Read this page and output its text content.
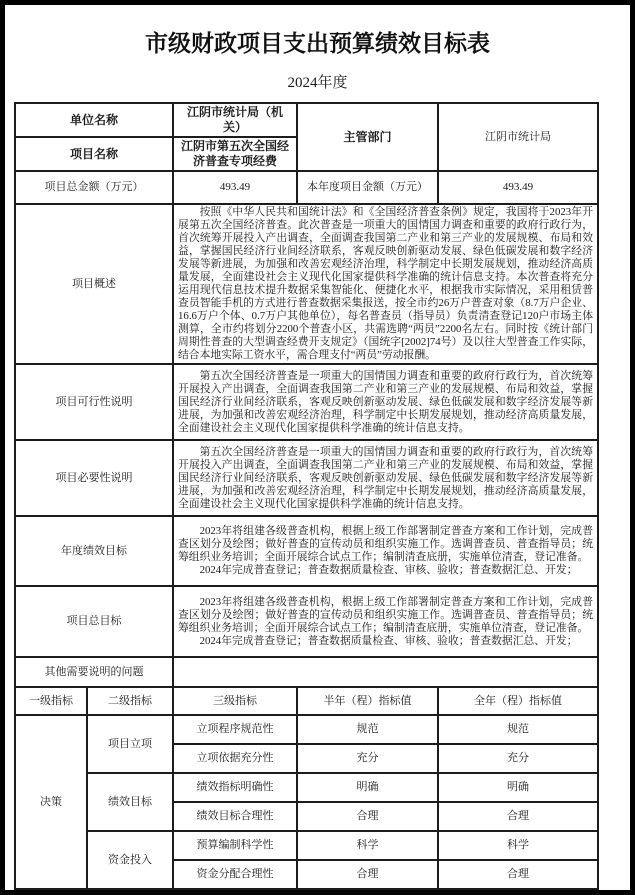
市级财政项目支出预算绩效目标表
2024年度
单位名称		江阴市统计局（机关）	主管部门	江阴市统计局
项目名称		江阴市第五次全国经济普查专项经费		
项目总金额（万元）		493.49	本年度项目金额（万元）	493.49
项目概述		按照《中华人民共和国统计法》和《全国经济普查条例》规定，我国将于2023年开展第五次全国经济普查。此次普查是一项重大的国情国力调查和重要的政府行政行为，首次统筹开展投入产出调查，全面调查我国第二产业和第三产业的发展规模、布局和效益，掌握国民经济行业间经济联系，客观反映创新驱动发展、绿色低碳发展和数字经济发展等新进展，为加强和改善宏观经济治理，科学制定中长期发展规划，推动经济高质量发展，全面建设社会主义现代化国家提供科学准确的统计信息支持。本次普查将充分运用现代信息技术提升数据采集智能化、便捷化水平，根据我市实际情况，采用租赁普查员智能手机的方式进行普查数据采集报送，按全市约26万户普查对象（8.7万户企业、16.6万户个体、0.7万户其他单位），每名普查员（指导员）负责清查登记120户市场主体测算，全市约将划分2200个普查小区，共需选聘“两员”2200名左右。同时按《统计部门周期性普查的大型调查经费开支规定》（国统字[2002]74号）及以往大型普查工作实际，结合本地实际工资水平，需合理支付“两员”劳动报酬。		

项目可行性说明		第五次全国经济普查是一项重大的国情国力调查和重要的政府行政行为，首次统筹开展投入产出调查，全面调查我国第二产业和第三产业的发展规模、布局和效益，掌握国民经济行业间经济联系，客观反映创新驱动发展、绿色低碳发展和数字经济发展等新进展，为加强和改善宏观经济治理，科学制定中长期发展规划，推动经济高质量发展，全面建设社会主义现代化国家提供科学准确的统计信息支持。		

项目必要性说明		第五次全国经济普查是一项重大的国情国力调查和重要的政府行政行为，首次统筹开展投入产出调查，全面调查我国第二产业和第三产业的发展规模、布局和效益，掌握国民经济行业间经济联系，客观反映创新驱动发展、绿色低碳发展和数字经济发展等新进展，为加强和改善宏观经济治理，科学制定中长期发展规划，推动经济高质量发展，全面建设社会主义现代化国家提供科学准确的统计信息支持。		

年度绩效目标		2023年将组建各级普查机构，根据上级工作部署制定普查方案和工作计划，完成普查区划分及绘图；做好普查的宣传动员和组织实施工作。选调普查员、普查指导员；统筹组织业务培训；全面开展综合试点工作；编制清查底册，实施单位清查，登记准备。

2024年完成普查登记；普查数据质量检查、审核、验收；普查数据汇总、开发；		

项目总目标		2023年将组建各级普查机构，根据上级工作部署制定普查方案和工作计划，完成普查区划分及绘图；做好普查的宣传动员和组织实施工作。选调普查员、普查指导员；统筹组织业务培训；全面开展综合试点工作；编制清查底册，实施单位清查，登记准备。

2024年完成普查登记；普查数据质量检查、审核、验收；普查数据汇总、开发；		

其他需要说明的问题				
一级指标	二级指标	三级指标	半年（程）指标值	全年（程）指标值
决策	项目立项	立项程序规范性	规范	规范
		立项依据充分性	充分	充分
	绩效目标	绩效指标明确性	明确	明确
		绩效目标合理性	合理	合理
	资金投入	预算编制科学性	科学	科学
		资金分配合理性	合理	合理
